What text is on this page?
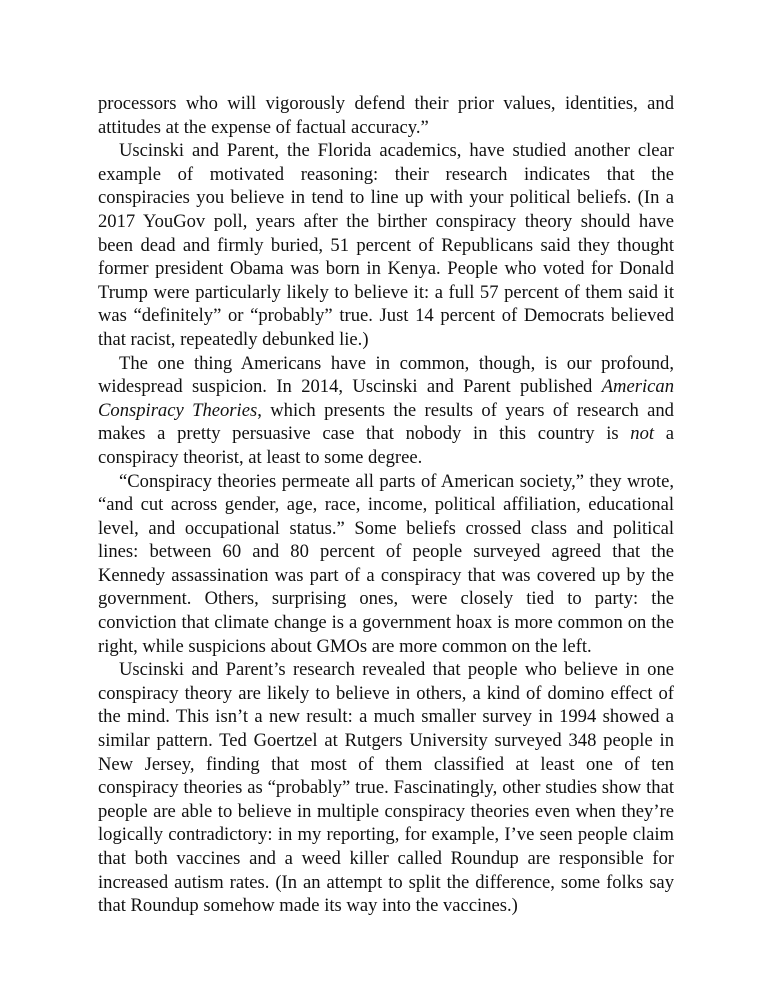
processors who will vigorously defend their prior values, identities, and attitudes at the expense of factual accuracy.”

Uscinski and Parent, the Florida academics, have studied another clear example of motivated reasoning: their research indicates that the conspiracies you believe in tend to line up with your political beliefs. (In a 2017 YouGov poll, years after the birther conspiracy theory should have been dead and firmly buried, 51 percent of Republicans said they thought former president Obama was born in Kenya. People who voted for Donald Trump were particularly likely to believe it: a full 57 percent of them said it was “definitely” or “probably” true. Just 14 percent of Democrats believed that racist, repeatedly debunked lie.)

The one thing Americans have in common, though, is our profound, widespread suspicion. In 2014, Uscinski and Parent published American Conspiracy Theories, which presents the results of years of research and makes a pretty persuasive case that nobody in this country is not a conspiracy theorist, at least to some degree.

“Conspiracy theories permeate all parts of American society,” they wrote, “and cut across gender, age, race, income, political affiliation, educational level, and occupational status.” Some beliefs crossed class and political lines: between 60 and 80 percent of people surveyed agreed that the Kennedy assassination was part of a conspiracy that was covered up by the government. Others, surprising ones, were closely tied to party: the conviction that climate change is a government hoax is more common on the right, while suspicions about GMOs are more common on the left.

Uscinski and Parent’s research revealed that people who believe in one conspiracy theory are likely to believe in others, a kind of domino effect of the mind. This isn’t a new result: a much smaller survey in 1994 showed a similar pattern. Ted Goertzel at Rutgers University surveyed 348 people in New Jersey, finding that most of them classified at least one of ten conspiracy theories as “probably” true. Fascinatingly, other studies show that people are able to believe in multiple conspiracy theories even when they’re logically contradictory: in my reporting, for example, I’ve seen people claim that both vaccines and a weed killer called Roundup are responsible for increased autism rates. (In an attempt to split the difference, some folks say that Roundup somehow made its way into the vaccines.)
